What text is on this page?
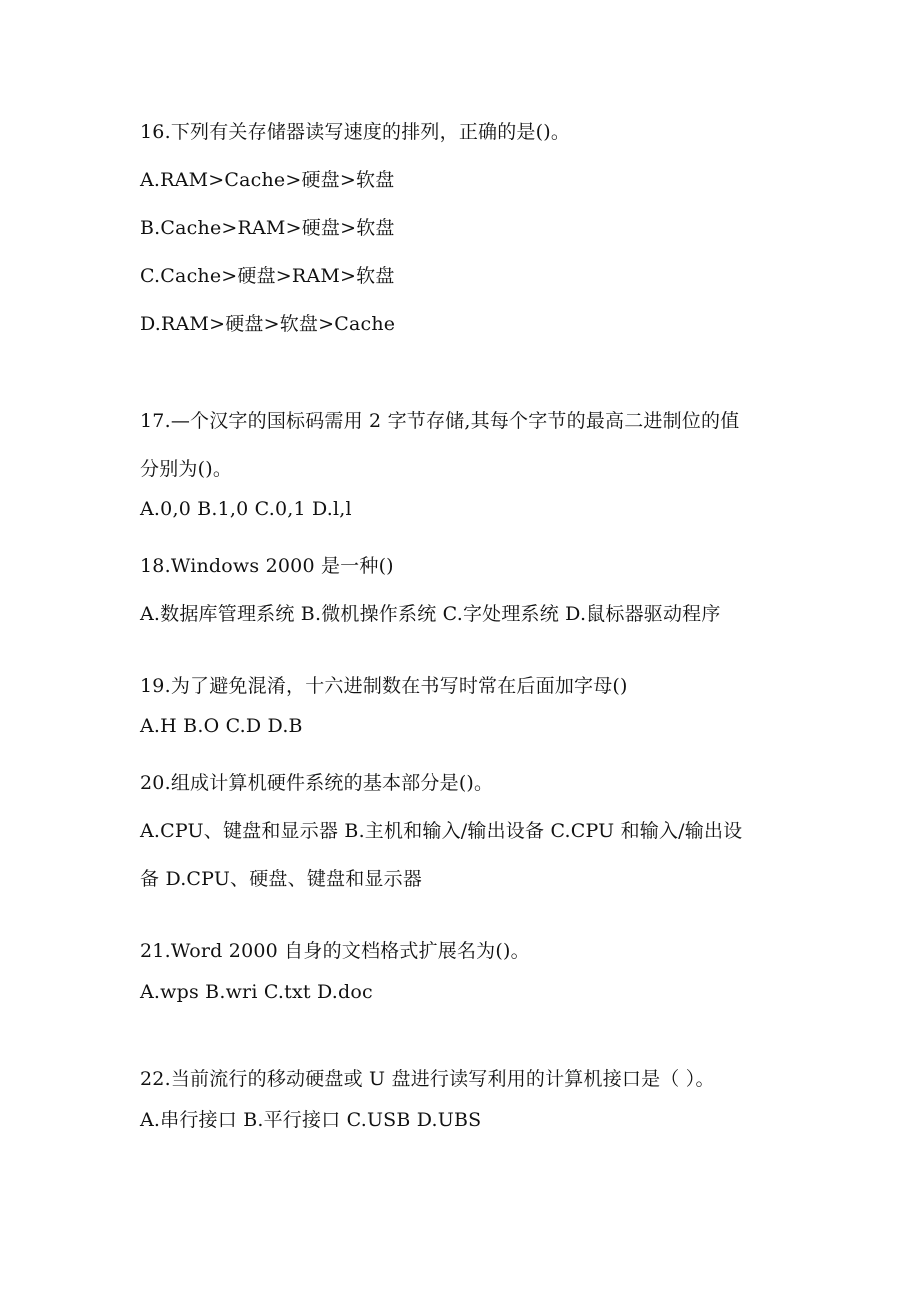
16.下列有关存储器读写速度的排列，正确的是()。
A.RAM>Cache>硬盘>软盘
B.Cache>RAM>硬盘>软盘
C.Cache>硬盘>RAM>软盘
D.RAM>硬盘>软盘>Cache
17.—个汉字的国标码需用 2 字节存储,其每个字节的最高二进制位的值
分别为()。
A.0,0 B.1,0 C.0,1 D.l,l
18.Windows 2000 是一种()
A.数据库管理系统 B.微机操作系统 C.字处理系统 D.鼠标器驱动程序
19.为了避免混淆，十六进制数在书写时常在后面加字母()
A.H B.O C.D D.B
20.组成计算机硬件系统的基本部分是()。
A.CPU、键盘和显示器 B.主机和输入/输出设备 C.CPU 和输入/输出设
备 D.CPU、硬盘、键盘和显示器
21.Word 2000 自身的文档格式扩展名为()。
A.wps B.wri C.txt D.doc
22.当前流行的移动硬盘或 U 盘进行读写利用的计算机接口是（ ）。
A.串行接口 B.平行接口 C.USB D.UBS
